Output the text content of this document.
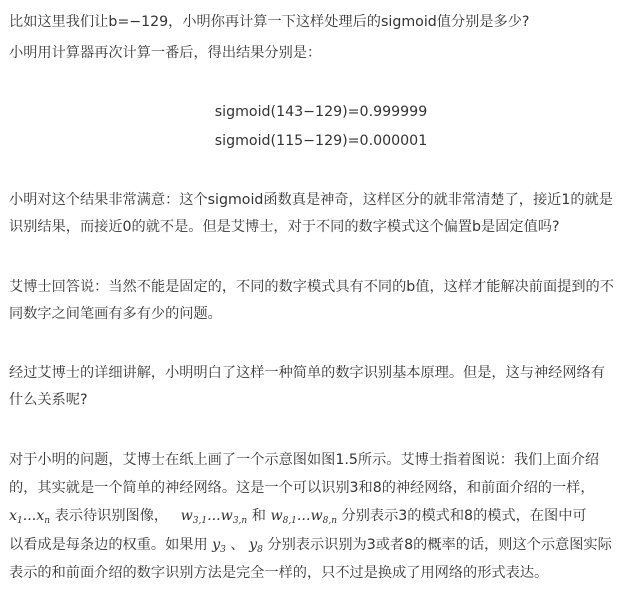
比如这里我们让b=−129，小明你再计算一下这样处理后的sigmoid值分别是多少?
小明用计算器再次计算一番后，得出结果分别是：
sigmoid(143−129)=0.999999
sigmoid(115−129)=0.000001
小明对这个结果非常满意：这个sigmoid函数真是神奇，这样区分的就非常清楚了，接近1的就是
识别结果，而接近0的就不是。但是艾博士，对于不同的数字模式这个偏置b是固定值吗?
艾博士回答说：当然不能是固定的，不同的数字模式具有不同的b值，这样才能解决前面提到的不
同数字之间笔画有多有少的问题。
经过艾博士的详细讲解，小明明白了这样一种简单的数字识别基本原理。但是，这与神经网络有
什么关系呢?
对于小明的问题，艾博士在纸上画了一个示意图如图1.5所示。艾博士指着图说：我们上面介绍
的，其实就是一个简单的神经网络。这是一个可以识别3和8的神经网络，和前面介绍的一样，
$x_1...x_n$ 表示待识别图像， $w_{3,1}...w_{3,n}$ 和 $w_{8,1}...w_{8,n}$ 分别表示3的模式和8的模式，在图中可
以看成是每条边的权重。如果用 $y_3$ 、 $y_8$ 分别表示识别为3或者8的概率的话，则这个示意图实际
表示的和前面介绍的数字识别方法是完全一样的，只不过是换成了用网络的形式表达。
